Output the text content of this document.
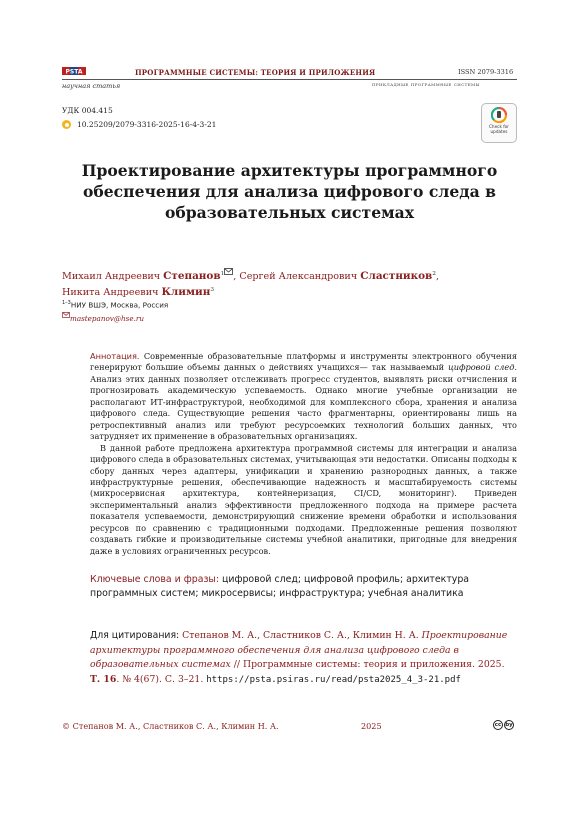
PSTA	ПРОГРАММНЫЕ СИСТЕМЫ: ТЕОРИЯ И ПРИЛОЖЕНИЯ	ISSN 2079-3316
научная статья	прикладные программные системы
УДК 004.415
10.25209/2079-3316-2025-16-4-3-21	Check for updates
Проектирование архитектуры программного обеспечения для анализа цифрового следа в образовательных системах
Михаил Андреевич Степанов$^1$ , Сергей Александрович Сластников$^2$,
Никита Андреевич Климин$^3$
$^{1-3}$НИУ ВШЭ, Москва, Россия
mastepanov@hse.ru

Аннотация. Современные образовательные платформы и инструменты электронного обучения генерируют большие объемы данных о действиях учащихся— так называемый цифровой след. Анализ этих данных позволяет отслеживать прогресс студентов, выявлять риски отчисления и прогнозировать академическую успеваемость. Однако многие учебные организации не располагают ИТ-инфраструктурой, необходимой для комплексного сбора, хранения и анализа цифрового следа. Существующие решения часто фрагментарны, ориентированы лишь на ретроспективный анализ или требуют ресурсоемких технологий больших данных, что затрудняет их применение в образовательных организациях.

В данной работе предложена архитектура программной системы для интеграции и анализа цифрового следа в образовательных системах, учитывающая эти недостатки. Описаны подходы к сбору данных через адаптеры, унификации и хранению разнородных данных, а также инфраструктурные решения, обеспечивающие надежность и масштабируемость системы (микросервисная архитектура, контейнеризация, CI/CD, мониторинг). Приведен экспериментальный анализ эффективности предложенного подхода на примере расчета показателя успеваемости, демонстрирующий снижение времени обработки и использования ресурсов по сравнению с традиционными подходами. Предложенные решения позволяют создавать гибкие и производительные системы учебной аналитики, пригодные для внедрения даже в условиях ограниченных ресурсов.

Ключевые слова и фразы: цифровой след; цифровой профиль; архитектура программных систем; микросервисы; инфраструктура; учебная аналитика
Для цитирования: Степанов М. А., Сластников С. А., Климин Н. А. Проектирование архитектуры программного обеспечения для анализа цифрового следа в образовательных системах // Программные системы: теория и приложения. 2025. Т. 16. № 4(67). С. 3–21. https://psta.psiras.ru/read/psta2025_4_3-21.pdf
© Степанов М. А., Сластников С. А., Климин Н. А.	2025	cc by
